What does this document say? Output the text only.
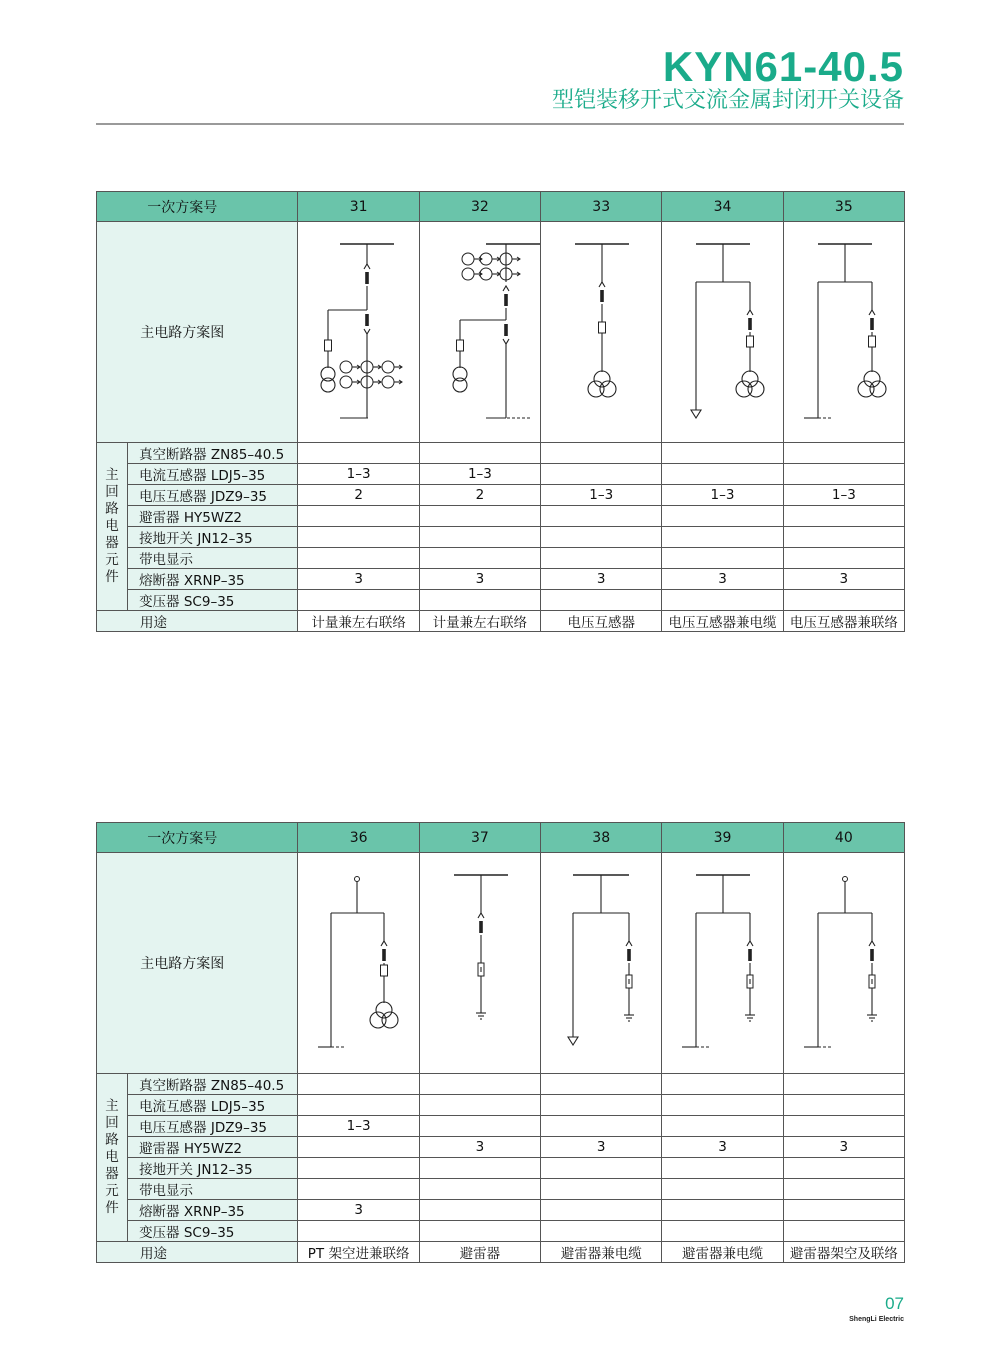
KYN61-40.5
型铠装移开式交流金属封闭开关设备
一次方案号		31	32	33	34	35
主电路方案图	

主回路电器元件	真空断路器 ZN85–40.5					
	电流互感器 LDJ5–35	1–3	1–3			
	电压互感器 JDZ9–35	2	2	1–3	1–3	1–3
	避雷器 HY5WZ2					
	接地开关 JN12–35					
	带电显示					
	熔断器 XRNP–35	3	3	3	3	3
	变压器 SC9–35					
用途		计量兼左右联络	计量兼左右联络	电压互感器	电压互感器兼电缆	电压互感器兼联络
一次方案号		36	37	38	39	40
主电路方案图	

主回路电器元件	真空断路器 ZN85–40.5					
	电流互感器 LDJ5–35					
	电压互感器 JDZ9–35	1–3				
	避雷器 HY5WZ2		3	3	3	3
	接地开关 JN12–35					
	带电显示					
	熔断器 XRNP–35	3				
	变压器 SC9–35					
用途		PT 架空进兼联络	避雷器	避雷器兼电缆	避雷器兼电缆	避雷器架空及联络
07
ShengLi Electric
